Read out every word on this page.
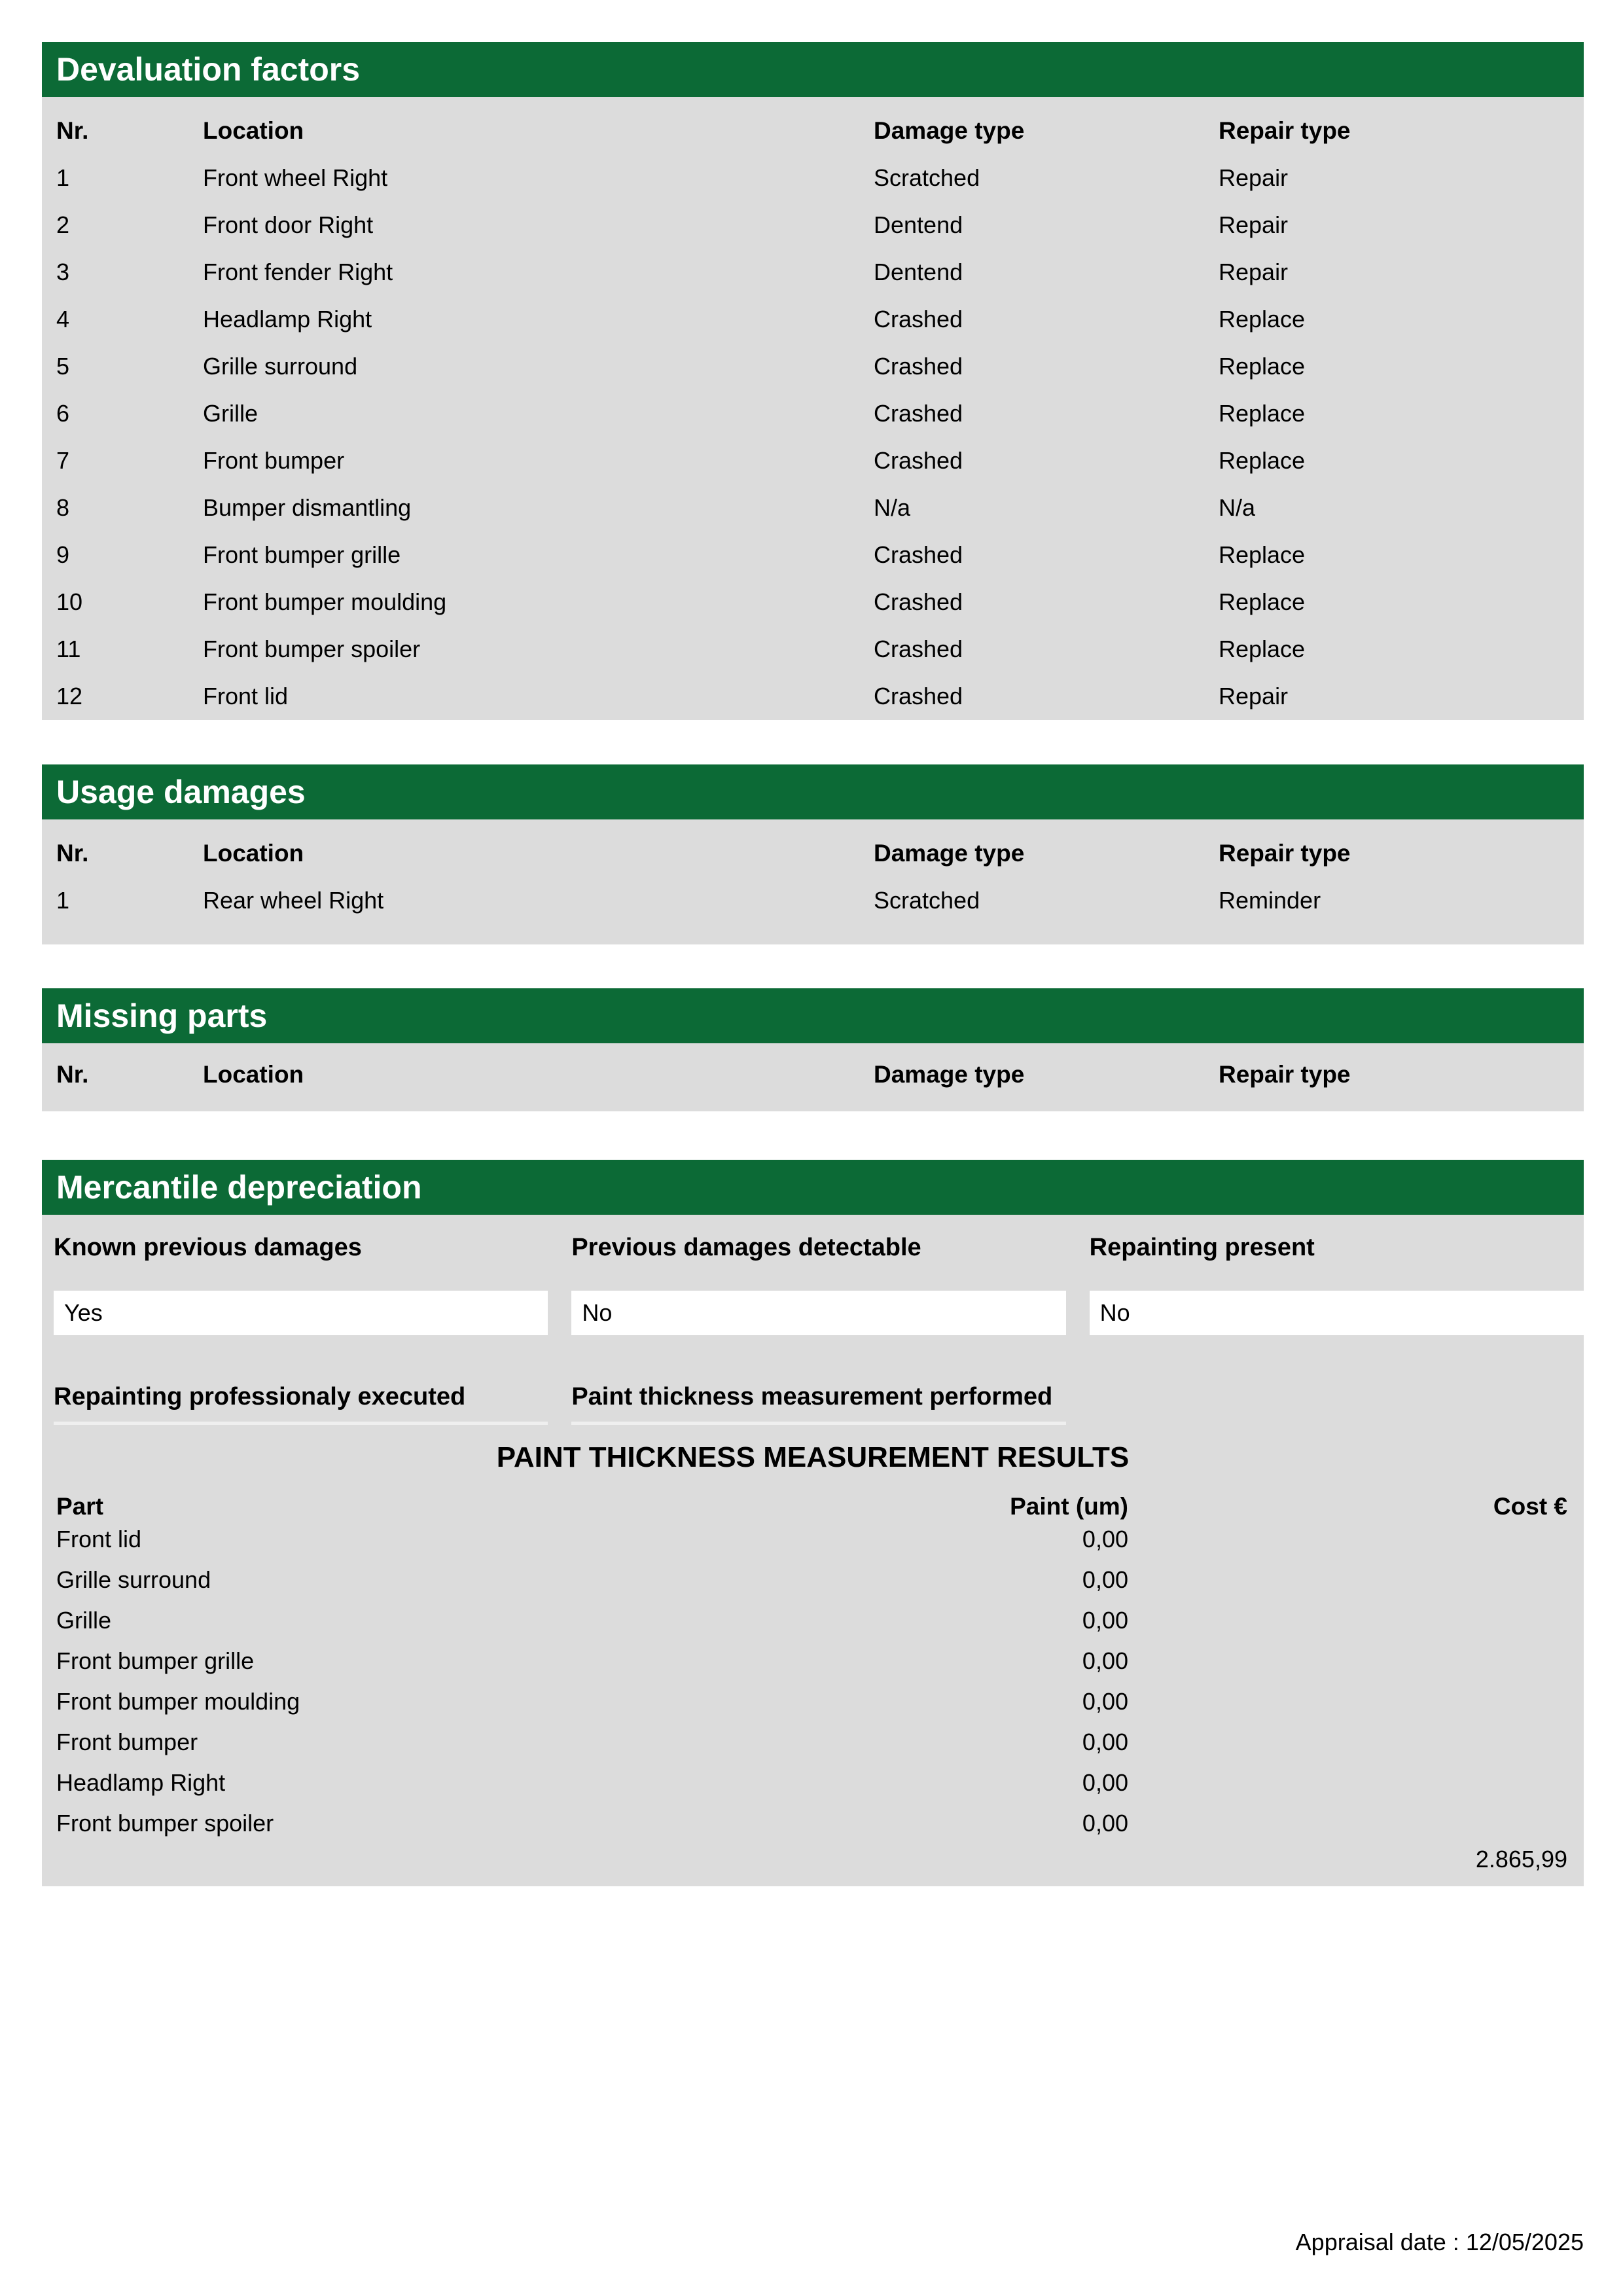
Devaluation factors
Nr.	Location	Damage type	Repair type
1	Front wheel Right	Scratched	Repair
2	Front door Right	Dentend	Repair
3	Front fender Right	Dentend	Repair
4	Headlamp Right	Crashed	Replace
5	Grille surround	Crashed	Replace
6	Grille	Crashed	Replace
7	Front bumper	Crashed	Replace
8	Bumper dismantling	N/a	N/a
9	Front bumper grille	Crashed	Replace
10	Front bumper moulding	Crashed	Replace
11	Front bumper spoiler	Crashed	Replace
12	Front lid	Crashed	Repair
Usage damages
Nr.	Location	Damage type	Repair type
1	Rear wheel Right	Scratched	Reminder
Missing parts
Nr.	Location	Damage type	Repair type
Mercantile depreciation
Known previous damages	Previous damages detectable	Repainting present
Yes	No	No
Repainting professionaly executed	Paint thickness measurement performed
PAINT THICKNESS MEASUREMENT RESULTS
Part	Paint (um)	Cost €
Front lid	0,00
Grille surround	0,00
Grille	0,00
Front bumper grille	0,00
Front bumper moulding	0,00
Front bumper	0,00
Headlamp Right	0,00
Front bumper spoiler	0,00
2.865,99
Appraisal date : 12/05/2025
